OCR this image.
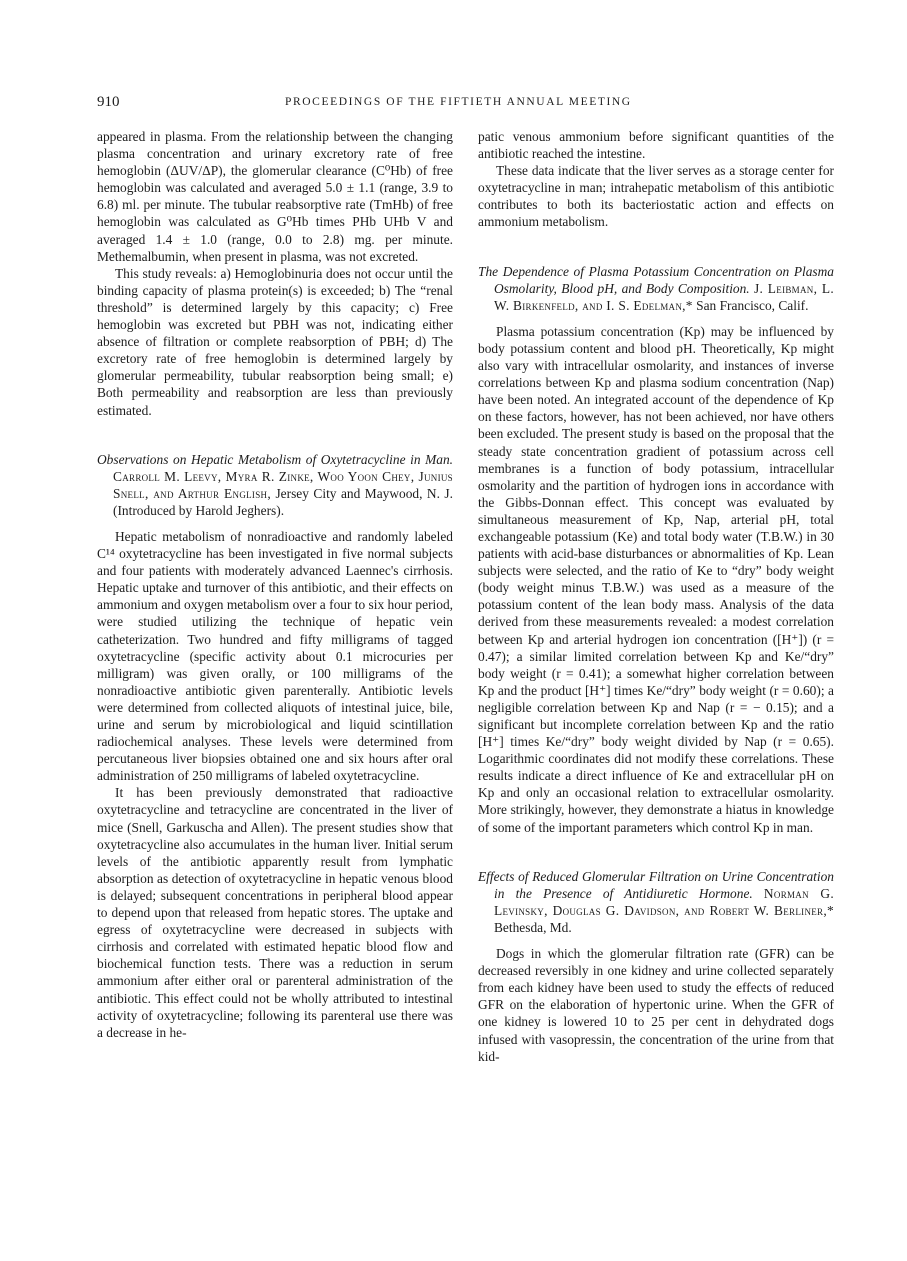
910	PROCEEDINGS OF THE FIFTIETH ANNUAL MEETING

appeared in plasma. From the relationship between the changing plasma concentration and urinary excretory rate of free hemoglobin (ΔUV/ΔP), the glomerular clearance (C⁰Hb) of free hemoglobin was calculated and averaged 5.0 ± 1.1 (range, 3.9 to 6.8) ml. per minute. The tubular reabsorptive rate (TmHb) of free hemoglobin was calculated as G⁰Hb times PHb UHb V and averaged 1.4 ± 1.0 (range, 0.0 to 2.8) mg. per minute. Methemalbumin, when present in plasma, was not excreted.

This study reveals: a) Hemoglobinuria does not occur until the binding capacity of plasma protein(s) is exceeded; b) The “renal threshold” is determined largely by this capacity; c) Free hemoglobin was excreted but PBH was not, indicating either absence of filtration or complete reabsorption of PBH; d) The excretory rate of free hemoglobin is determined largely by glomerular permeability, tubular reabsorption being small; e) Both permeability and reabsorption are less than previously estimated.

Observations on Hepatic Metabolism of Oxytetracycline in Man. Carroll M. Leevy, Myra R. Zinke, Woo Yoon Chey, Junius Snell, and Arthur English, Jersey City and Maywood, N. J. (Introduced by Harold Jeghers).

Hepatic metabolism of nonradioactive and randomly labeled C¹⁴ oxytetracycline has been investigated in five normal subjects and four patients with moderately advanced Laennec's cirrhosis. Hepatic uptake and turnover of this antibiotic, and their effects on ammonium and oxygen metabolism over a four to six hour period, were studied utilizing the technique of hepatic vein catheterization. Two hundred and fifty milligrams of tagged oxytetracycline (specific activity about 0.1 microcuries per milligram) was given orally, or 100 milligrams of the nonradioactive antibiotic given parenterally. Antibiotic levels were determined from collected aliquots of intestinal juice, bile, urine and serum by microbiological and liquid scintillation radiochemical analyses. These levels were determined from percutaneous liver biopsies obtained one and six hours after oral administration of 250 milligrams of labeled oxytetracycline.

It has been previously demonstrated that radioactive oxytetracycline and tetracycline are concentrated in the liver of mice (Snell, Garkuscha and Allen). The present studies show that oxytetracycline also accumulates in the human liver. Initial serum levels of the antibiotic apparently result from lymphatic absorption as detection of oxytetracycline in hepatic venous blood is delayed; subsequent concentrations in peripheral blood appear to depend upon that released from hepatic stores. The uptake and egress of oxytetracycline were decreased in subjects with cirrhosis and correlated with estimated hepatic blood flow and biochemical function tests. There was a reduction in serum ammonium after either oral or parenteral administration of the antibiotic. This effect could not be wholly attributed to intestinal activity of oxytetracycline; following its parenteral use there was a decrease in he-

patic venous ammonium before significant quantities of the antibiotic reached the intestine.

These data indicate that the liver serves as a storage center for oxytetracycline in man; intrahepatic metabolism of this antibiotic contributes to both its bacteriostatic action and effects on ammonium metabolism.

The Dependence of Plasma Potassium Concentration on Plasma Osmolarity, Blood pH, and Body Composition. J. Leibman, L. W. Birkenfeld, and I. S. Edelman,* San Francisco, Calif.

Plasma potassium concentration (Kp) may be influenced by body potassium content and blood pH. Theoretically, Kp might also vary with intracellular osmolarity, and instances of inverse correlations between Kp and plasma sodium concentration (Nap) have been noted. An integrated account of the dependence of Kp on these factors, however, has not been achieved, nor have others been excluded. The present study is based on the proposal that the steady state concentration gradient of potassium across cell membranes is a function of body potassium, intracellular osmolarity and the partition of hydrogen ions in accordance with the Gibbs-Donnan effect. This concept was evaluated by simultaneous measurement of Kp, Nap, arterial pH, total exchangeable potassium (Ke) and total body water (T.B.W.) in 30 patients with acid-base disturbances or abnormalities of Kp. Lean subjects were selected, and the ratio of Ke to “dry” body weight (body weight minus T.B.W.) was used as a measure of the potassium content of the lean body mass. Analysis of the data derived from these measurements revealed: a modest correlation between Kp and arterial hydrogen ion concentration ([H⁺]) (r = 0.47); a similar limited correlation between Kp and Ke/“dry” body weight (r = 0.41); a somewhat higher correlation between Kp and the product [H⁺] times Ke/“dry” body weight (r = 0.60); a negligible correlation between Kp and Nap (r = − 0.15); and a significant but incomplete correlation between Kp and the ratio [H⁺] times Ke/“dry” body weight divided by Nap (r = 0.65). Logarithmic coordinates did not modify these correlations. These results indicate a direct influence of Ke and extracellular pH on Kp and only an occasional relation to extracellular osmolarity. More strikingly, however, they demonstrate a hiatus in knowledge of some of the important parameters which control Kp in man.

Effects of Reduced Glomerular Filtration on Urine Concentration in the Presence of Antidiuretic Hormone. Norman G. Levinsky, Douglas G. Davidson, and Robert W. Berliner,* Bethesda, Md.

Dogs in which the glomerular filtration rate (GFR) can be decreased reversibly in one kidney and urine collected separately from each kidney have been used to study the effects of reduced GFR on the elaboration of hypertonic urine. When the GFR of one kidney is lowered 10 to 25 per cent in dehydrated dogs infused with vasopressin, the concentration of the urine from that kid-
